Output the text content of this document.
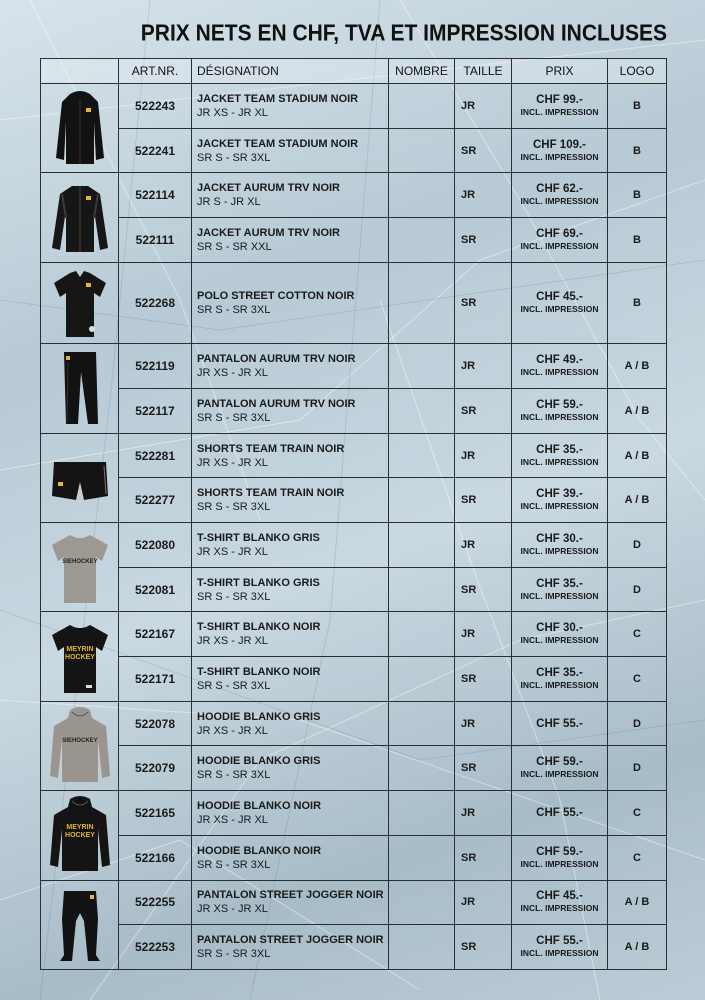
PRIX NETS EN CHF, TVA ET IMPRESSION INCLUSES
	ART.NR.	DÉSIGNATION	NOMBRE	TAILLE	PRIX	LOGO

	522243	JACKET TEAM STADIUM NOIR
JR XS - JR XL		JR	CHF 99.-
INCL. IMPRESSION	B
	522241	JACKET TEAM STADIUM NOIR
SR S - SR 3XL		SR	CHF 109.-
INCL. IMPRESSION	B

	522114	JACKET AURUM TRV NOIR
JR S - JR XL		JR	CHF 62.-
INCL. IMPRESSION	B
	522111	JACKET AURUM TRV NOIR
SR S - SR XXL		SR	CHF 69.-
INCL. IMPRESSION	B

	522268	POLO STREET COTTON NOIR
SR S - SR 3XL		SR	CHF 45.-
INCL. IMPRESSION	B

	522119	PANTALON AURUM TRV NOIR
JR XS - JR XL		JR	CHF 49.-
INCL. IMPRESSION	A / B
	522117	PANTALON AURUM TRV NOIR
SR S - SR 3XL		SR	CHF 59.-
INCL. IMPRESSION	A / B

	522281	SHORTS TEAM TRAIN NOIR
JR XS - JR XL		JR	CHF 35.-
INCL. IMPRESSION	A / B
	522277	SHORTS TEAM TRAIN NOIR
SR S - SR 3XL		SR	CHF 39.-
INCL. IMPRESSION	A / B

SIEHOCKEY	522080	T-SHIRT BLANKO GRIS
JR XS - JR XL		JR	CHF 30.-
INCL. IMPRESSION	D
	522081	T-SHIRT BLANKO GRIS
SR S - SR 3XL		SR	CHF 35.-
INCL. IMPRESSION	D

MEYRIN
HOCKEY	522167	T-SHIRT BLANKO NOIR
JR XS - JR XL		JR	CHF 30.-
INCL. IMPRESSION	C
	522171	T-SHIRT BLANKO NOIR
SR S - SR 3XL		SR	CHF 35.-
INCL. IMPRESSION	C

SIEHOCKEY	522078	HOODIE BLANKO GRIS
JR XS - JR XL		JR	CHF 55.-	D
	522079	HOODIE BLANKO GRIS
SR S - SR 3XL		SR	CHF 59.-
INCL. IMPRESSION	D

MEYRIN
HOCKEY	522165	HOODIE BLANKO NOIR
JR XS - JR XL		JR	CHF 55.-	C
	522166	HOODIE BLANKO NOIR
SR S - SR 3XL		SR	CHF 59.-
INCL. IMPRESSION	C

	522255	PANTALON STREET JOGGER NOIR
JR XS - JR XL		JR	CHF 45.-
INCL. IMPRESSION	A / B
	522253	PANTALON STREET JOGGER NOIR
SR S - SR 3XL		SR	CHF 55.-
INCL. IMPRESSION	A / B
